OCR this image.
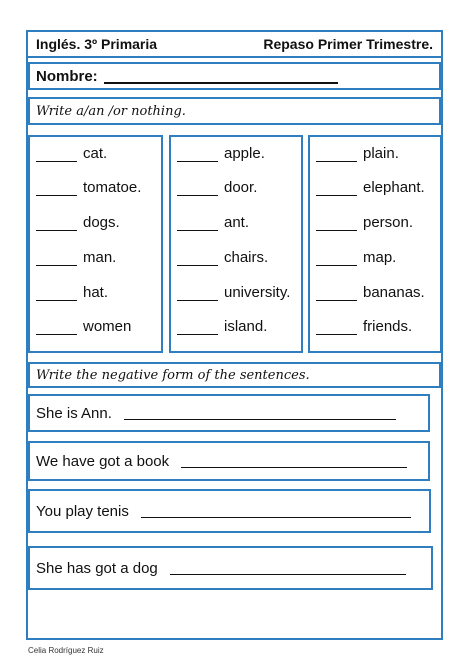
Inglés. 3º Primaria	Repaso Primer Trimestre.
Nombre:
Write a/an /or nothing.
cat.
tomatoe.
dogs.
man.
hat.
women
apple.
door.
ant.
chairs.
university.
island.
plain.
elephant.
person.
map.
bananas.
friends.
Write the negative form of the sentences.
She is Ann.
We have got a book
You play tenis
She has got a dog
Celia Rodríguez Ruiz
